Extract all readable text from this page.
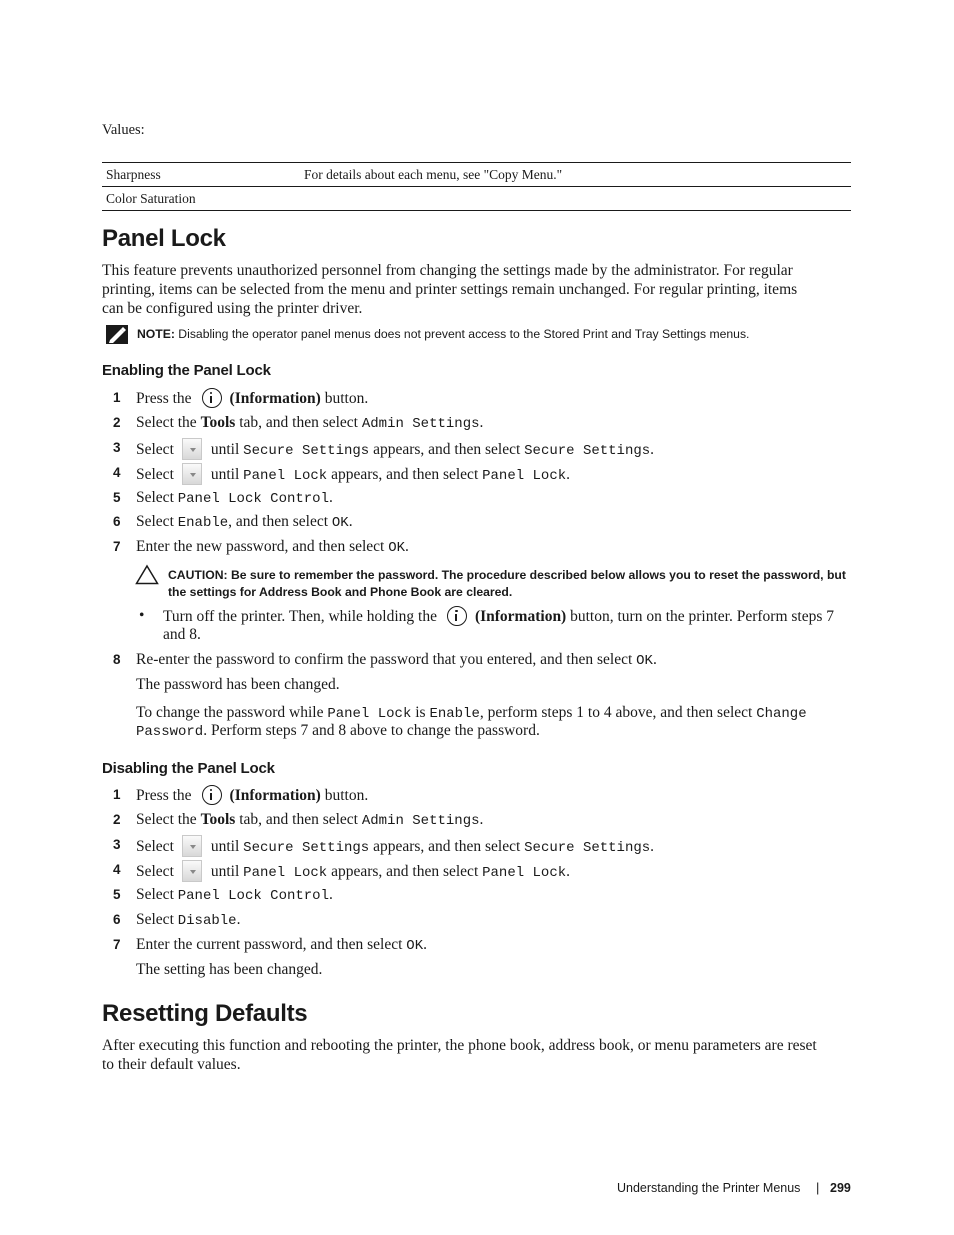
Values:
Sharpness	For details about each menu, see "Copy Menu."
Color Saturation	
Panel Lock
This feature prevents unauthorized personnel from changing the settings made by the administrator. For regular
printing, items can be selected from the menu and printer settings remain unchanged. For regular printing, items
can be configured using the printer driver.
NOTE: Disabling the operator panel menus does not prevent access to the Stored Print and Tray Settings menus.
Enabling the Panel Lock
1 Press the (Information) button.
2 Select the Tools tab, and then select Admin Settings.
3 Select until Secure Settings appears, and then select Secure Settings.
4 Select until Panel Lock appears, and then select Panel Lock.
5 Select Panel Lock Control.
6 Select Enable, and then select OK.
7 Enter the new password, and then select OK.
CAUTION: Be sure to remember the password. The procedure described below allows you to reset the password, but
the settings for Address Book and Phone Book are cleared.
• Turn off the printer. Then, while holding the (Information) button, turn on the printer. Perform steps 7
and 8.
8 Re-enter the password to confirm the password that you entered, and then select OK.
The password has been changed.
To change the password while Panel Lock is Enable, perform steps 1 to 4 above, and then select Change
Password. Perform steps 7 and 8 above to change the password.
Disabling the Panel Lock
1 Press the (Information) button.
2 Select the Tools tab, and then select Admin Settings.
3 Select until Secure Settings appears, and then select Secure Settings.
4 Select until Panel Lock appears, and then select Panel Lock.
5 Select Panel Lock Control.
6 Select Disable.
7 Enter the current password, and then select OK.
The setting has been changed.
Resetting Defaults
After executing this function and rebooting the printer, the phone book, address book, or menu parameters are reset
to their default values.
Understanding the Printer Menus | 299
